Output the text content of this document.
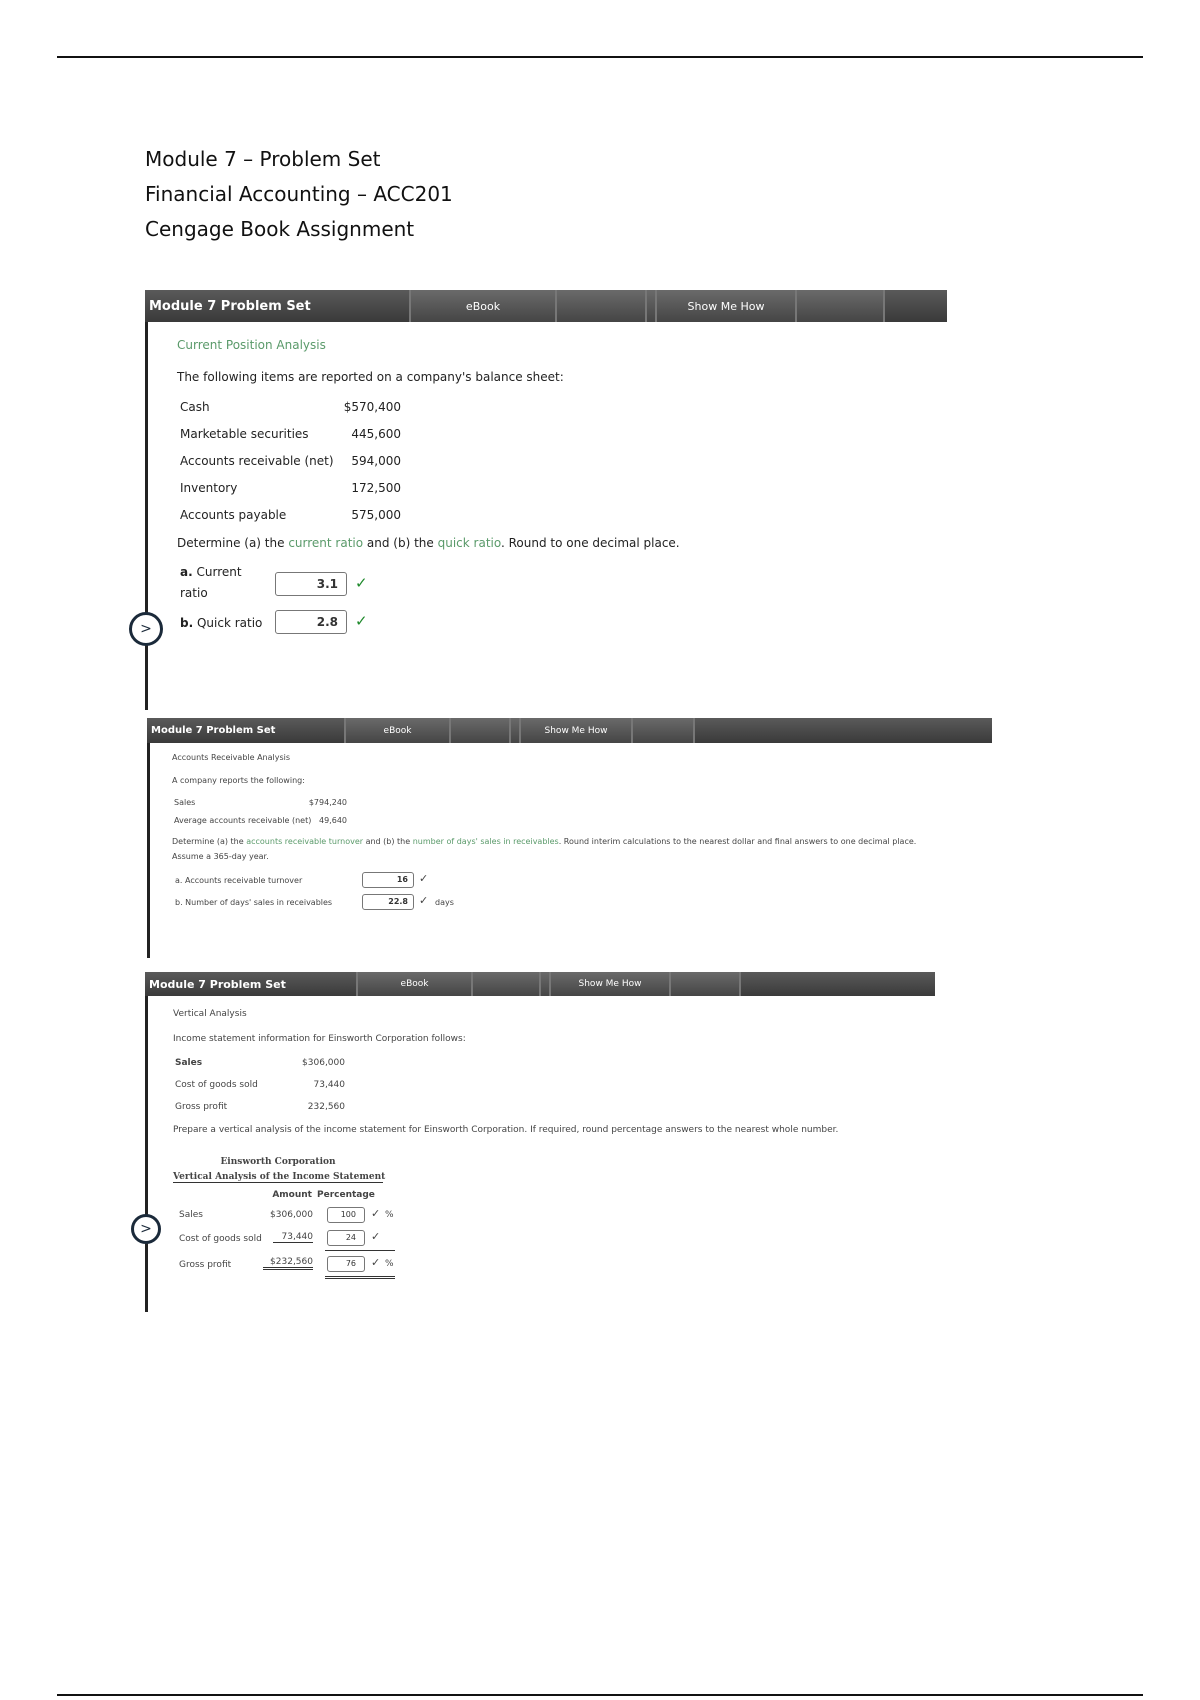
Module 7 – Problem Set
Financial Accounting – ACC201
Cengage Book Assignment
Module 7 Problem Set	eBook	Show Me How
Current Position Analysis
The following items are reported on a company's balance sheet:
Cash	$570,400
Marketable securities	445,600
Accounts receivable (net)	594,000
Inventory	172,500
Accounts payable	575,000
Determine (a) the current ratio and (b) the quick ratio. Round to one decimal place.
a. Current
ratio
3.1	✓
b. Quick ratio	2.8	✓
>
Module 7 Problem Set	eBook	Show Me How
Accounts Receivable Analysis
A company reports the following:
Sales	$794,240
Average accounts receivable (net) 49,640
Determine (a) the accounts receivable turnover and (b) the number of days' sales in receivables. Round interim calculations to the nearest dollar and final answers to one decimal place.
Assume a 365-day year.
a. Accounts receivable turnover	16	✓
b. Number of days' sales in receivables	22.8	✓ days
Module 7 Problem Set	eBook	Show Me How
Vertical Analysis
Income statement information for Einsworth Corporation follows:
Sales	$306,000
Cost of goods sold	73,440
Gross profit	232,560
Prepare a vertical analysis of the income statement for Einsworth Corporation. If required, round percentage answers to the nearest whole number.
Einsworth Corporation
Vertical Analysis of the Income Statement
Amount Percentage
Sales	$306,000	100	✓ %
Cost of goods sold	73,440	24	✓
Gross profit	$232,560	76	✓ %
>
